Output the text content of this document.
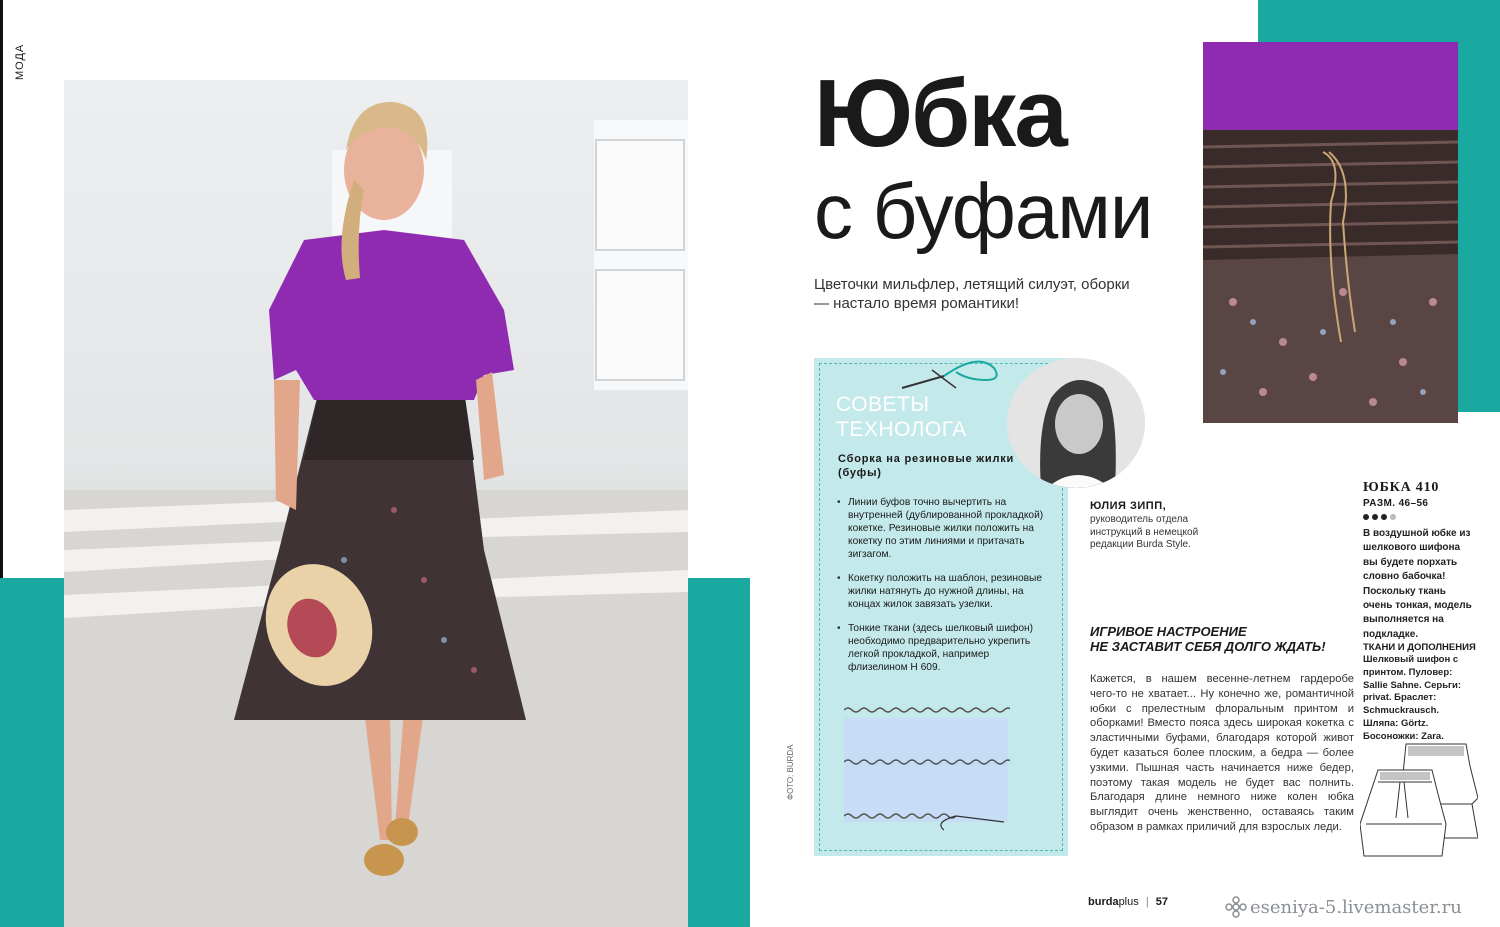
МОДА
ФОТО: BURDA
Юбка
с буфами
Цветочки мильфлер, летящий силуэт, оборки — настало время романтики!
СОВЕТЫ
ТЕХНОЛОГА
Сборка на резиновые жилки (буфы)
• Линии буфов точно вычертить на внутренней (дублированной прокладкой) кокетке. Резиновые жилки положить на кокетку по этим линиями и притачать зигзагом.
• Кокетку положить на шаблон, резиновые жилки натянуть до нужной длины, на концах жилок завязать узелки.
• Тонкие ткани (здесь шелковый шифон) необходимо предварительно укрепить легкой прокладкой, например флизелином H 609.
ЮЛИЯ ЗИПП,
руководитель отдела инструкций в немецкой редакции Burda Style.
ИГРИВОЕ НАСТРОЕНИЕ
НЕ ЗАСТАВИТ СЕБЯ ДОЛГО ЖДАТЬ!
Кажется, в нашем весенне-летнем гардеробе чего-то не хватает... Ну конечно же, романтичной юбки с прелестным флоральным принтом и оборками! Вместо пояса здесь широкая кокетка с эластичными буфами, благодаря которой живот будет казаться более плоским, а бедра — более узкими. Пышная часть начинается ниже бедер, поэтому такая модель не будет вас полнить. Благодаря длине немного ниже колен юбка выглядит очень женственно, оставаясь таким образом в рамках приличий для взрослых леди.
ЮБКА 410
РАЗМ. 46–56
В воздушной юбке из шелкового шифона вы будете порхать словно бабочка! Поскольку ткань очень тонкая, модель выполняется на подкладке.
ТКАНИ И ДОПОЛНЕНИЯ
Шелковый шифон с принтом. Пуловер: Sallie Sahne. Серьги: privat. Браслет: Schmuckrausch. Шляпа: Görtz. Босоножки: Zara.
burdaplus | 57	eseniya-5.livemaster.ru
